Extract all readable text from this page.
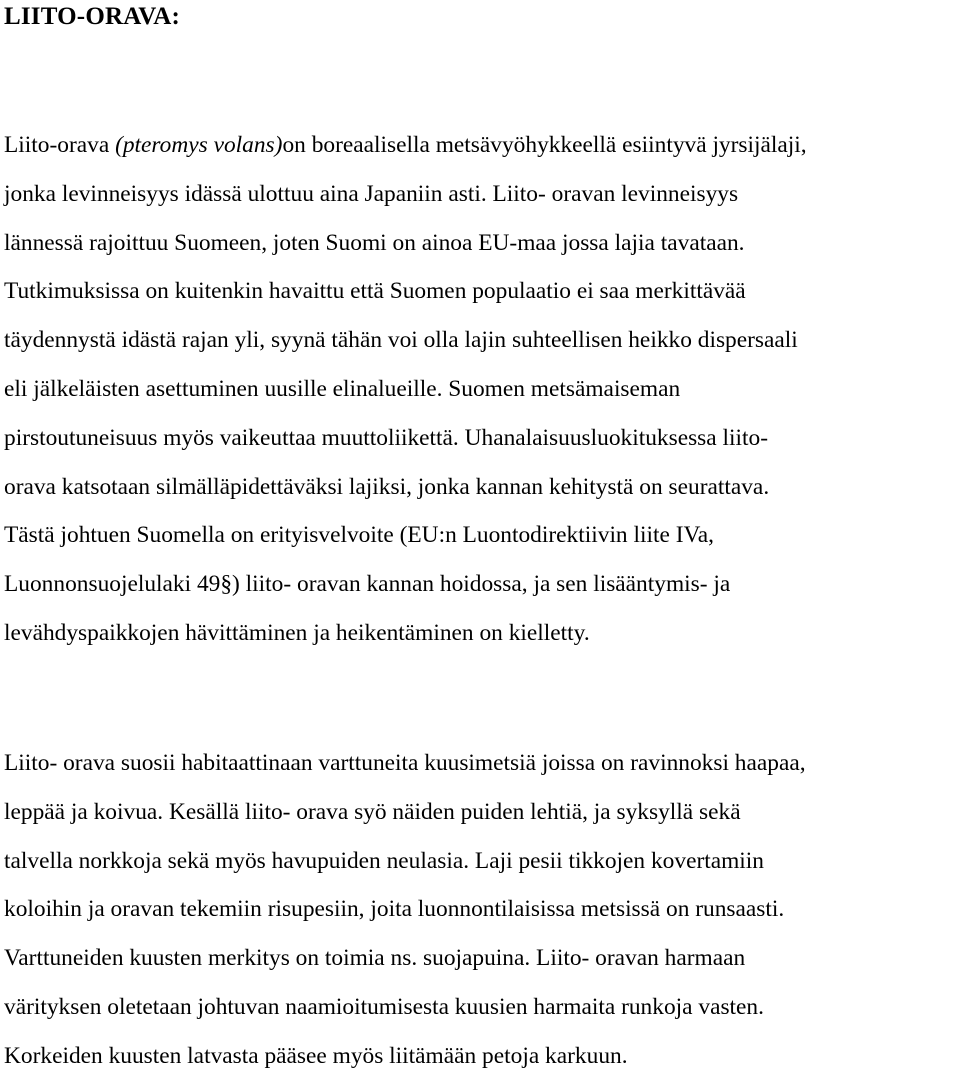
LIITO-ORAVA:
Liito-orava (pteromys volans)on boreaalisella metsävyöhykkeellä esiintyvä jyrsijälaji,
jonka levinneisyys idässä ulottuu aina Japaniin asti. Liito- oravan levinneisyys
lännessä rajoittuu Suomeen, joten Suomi on ainoa EU-maa jossa lajia tavataan.
Tutkimuksissa on kuitenkin havaittu että Suomen populaatio ei saa merkittävää
täydennystä idästä rajan yli, syynä tähän voi olla lajin suhteellisen heikko dispersaali
eli jälkeläisten asettuminen uusille elinalueille. Suomen metsämaiseman
pirstoutuneisuus myös vaikeuttaa muuttoliikettä. Uhanalaisuusluokituksessa liito-
orava katsotaan silmälläpidettäväksi lajiksi, jonka kannan kehitystä on seurattava.
Tästä johtuen Suomella on erityisvelvoite (EU:n Luontodirektiivin liite IVa,
Luonnonsuojelulaki 49§) liito- oravan kannan hoidossa, ja sen lisääntymis- ja
levähdyspaikkojen hävittäminen ja heikentäminen on kielletty.
Liito- orava suosii habitaattinaan varttuneita kuusimetsiä joissa on ravinnoksi haapaa,
leppää ja koivua. Kesällä liito- orava syö näiden puiden lehtiä, ja syksyllä sekä
talvella norkkoja sekä myös havupuiden neulasia. Laji pesii tikkojen kovertamiin
koloihin ja oravan tekemiin risupesiin, joita luonnontilaisissa metsissä on runsaasti.
Varttuneiden kuusten merkitys on toimia ns. suojapuina. Liito- oravan harmaan
värityksen oletetaan johtuvan naamioitumisesta kuusien harmaita runkoja vasten.
Korkeiden kuusten latvasta pääsee myös liitämään petoja karkuun.
